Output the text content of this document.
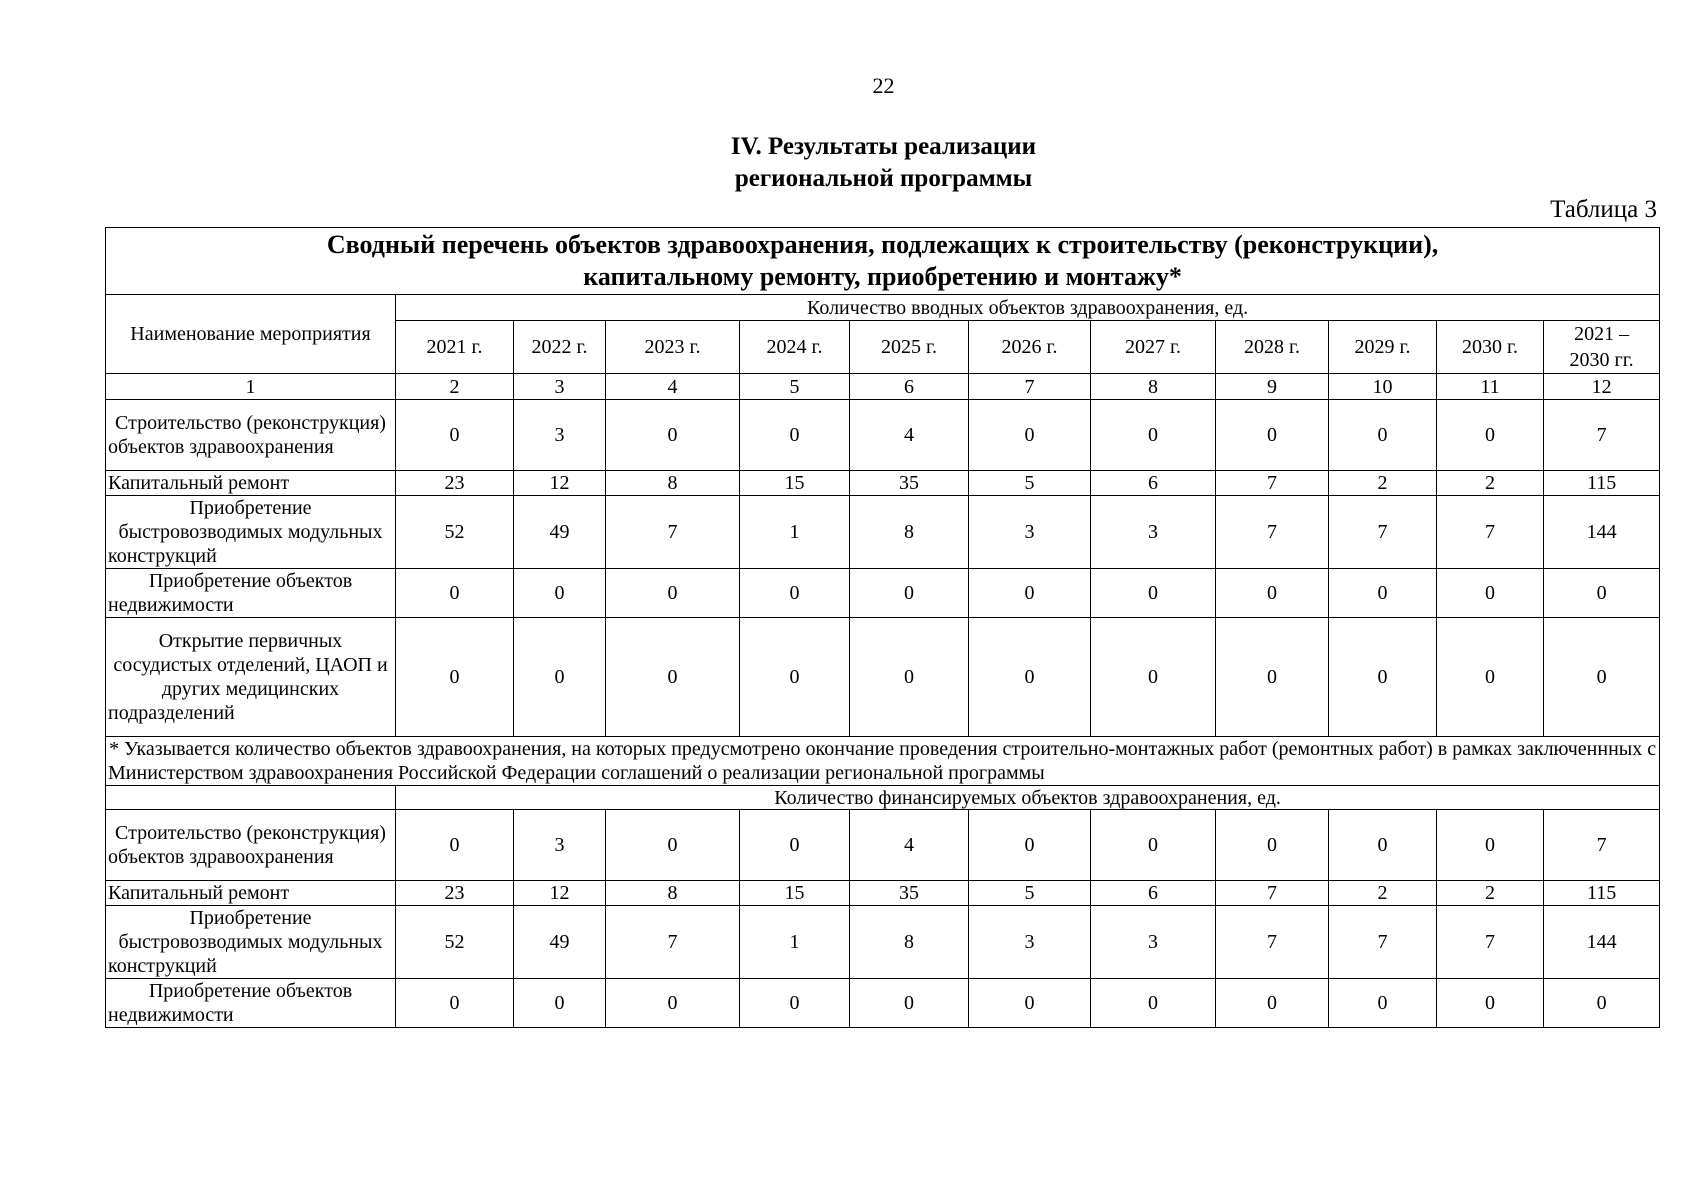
22
IV. Результаты реализации
региональной программы
Таблица 3
Сводный перечень объектов здравоохранения, подлежащих к строительству (реконструкции),
капитальному ремонту, приобретению и монтажу*											

Наименование мероприятия	Количество вводных объектов здравоохранения, ед.										
	2021 г.	2022 г.	2023 г.	2024 г.	2025 г.	2026 г.	2027 г.	2028 г.	2029 г.	2030 г.	2021 –
2030 гг.

1	2	3	4	5	6	7	8	9	10	11	12
Строительство (реконструкция) объектов здравоохранения	0	3	0	0	4	0	0	0	0	0	7
Капитальный ремонт	23	12	8	15	35	5	6	7	2	2	115
Приобретение быстровозводимых модульных конструкций	52	49	7	1	8	3	3	7	7	7	144
Приобретение объектов недвижимости	0	0	0	0	0	0	0	0	0	0	0
Открытие первичных сосудистых отделений, ЦАОП и других медицинских подразделений	0	0	0	0	0	0	0	0	0	0	0
* Указывается количество объектов здравоохранения, на которых предусмотрено окончание проведения строительно-монтажных работ (ремонтных работ) в рамках заключеннных с Министерством здравоохранения Российской Федерации соглашений о реализации региональной программы											
	Количество финансируемых объектов здравоохранения, ед.										
Строительство (реконструкция) объектов здравоохранения	0	3	0	0	4	0	0	0	0	0	7
Капитальный ремонт	23	12	8	15	35	5	6	7	2	2	115
Приобретение быстровозводимых модульных конструкций	52	49	7	1	8	3	3	7	7	7	144
Приобретение объектов недвижимости	0	0	0	0	0	0	0	0	0	0	0
